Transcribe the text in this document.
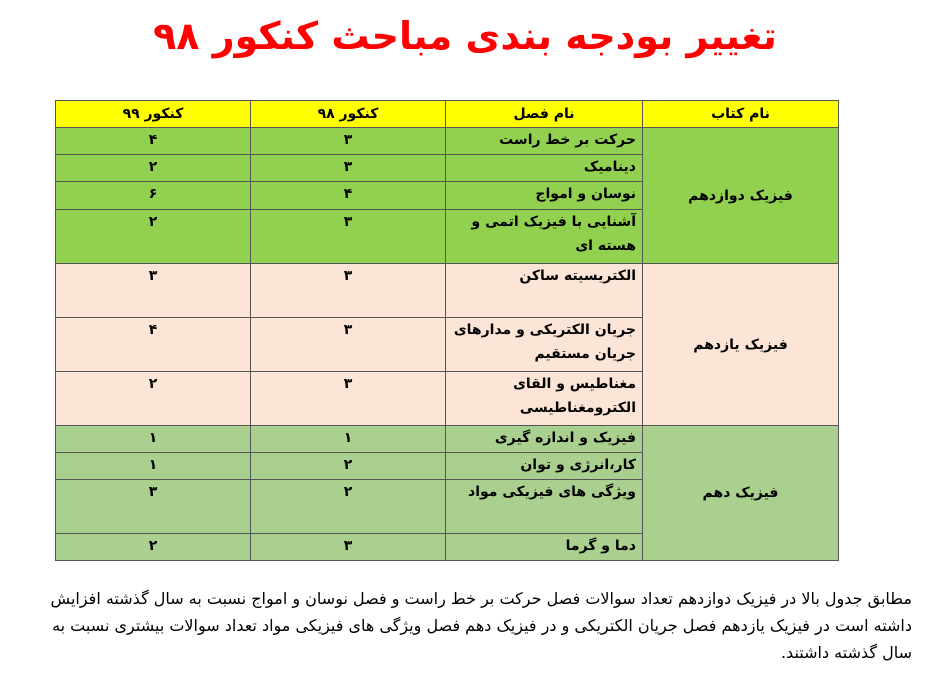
تغییر بودجه بندی مباحث کنکور ۹۸
نام کتاب	نام فصل	کنکور ۹۸	کنکور ۹۹
فیزیک دوازدهم	حرکت بر خط راست	۳	۴
	دینامیک	۳	۲
	نوسان و امواج	۴	۶
	آشنایی با فیزیک اتمی و هسته ای	۳	۲
فیزیک یازدهم	الکتریسیته ساکن	۳	۳
	جریان الکتریکی و مدارهای جریان مستقیم	۳	۴
	مغناطیس و القای الکترومغناطیسی	۳	۲
فیزیک دهم	فیزیک و اندازه گیری	۱	۱
	کار،انرژی و توان	۲	۱
	ویژگی های فیزیکی مواد	۲	۳
	دما و گرما	۳	۲
مطابق جدول بالا در فیزیک دوازدهم تعداد سوالات فصل حرکت بر خط راست و فصل نوسان و امواج نسبت به سال گذشته افزایش داشته است در فیزیک یازدهم فصل جریان الکتریکی و در فیزیک دهم فصل ویژگی های فیزیکی مواد تعداد سوالات بیشتری نسبت به سال گذشته داشتند.
